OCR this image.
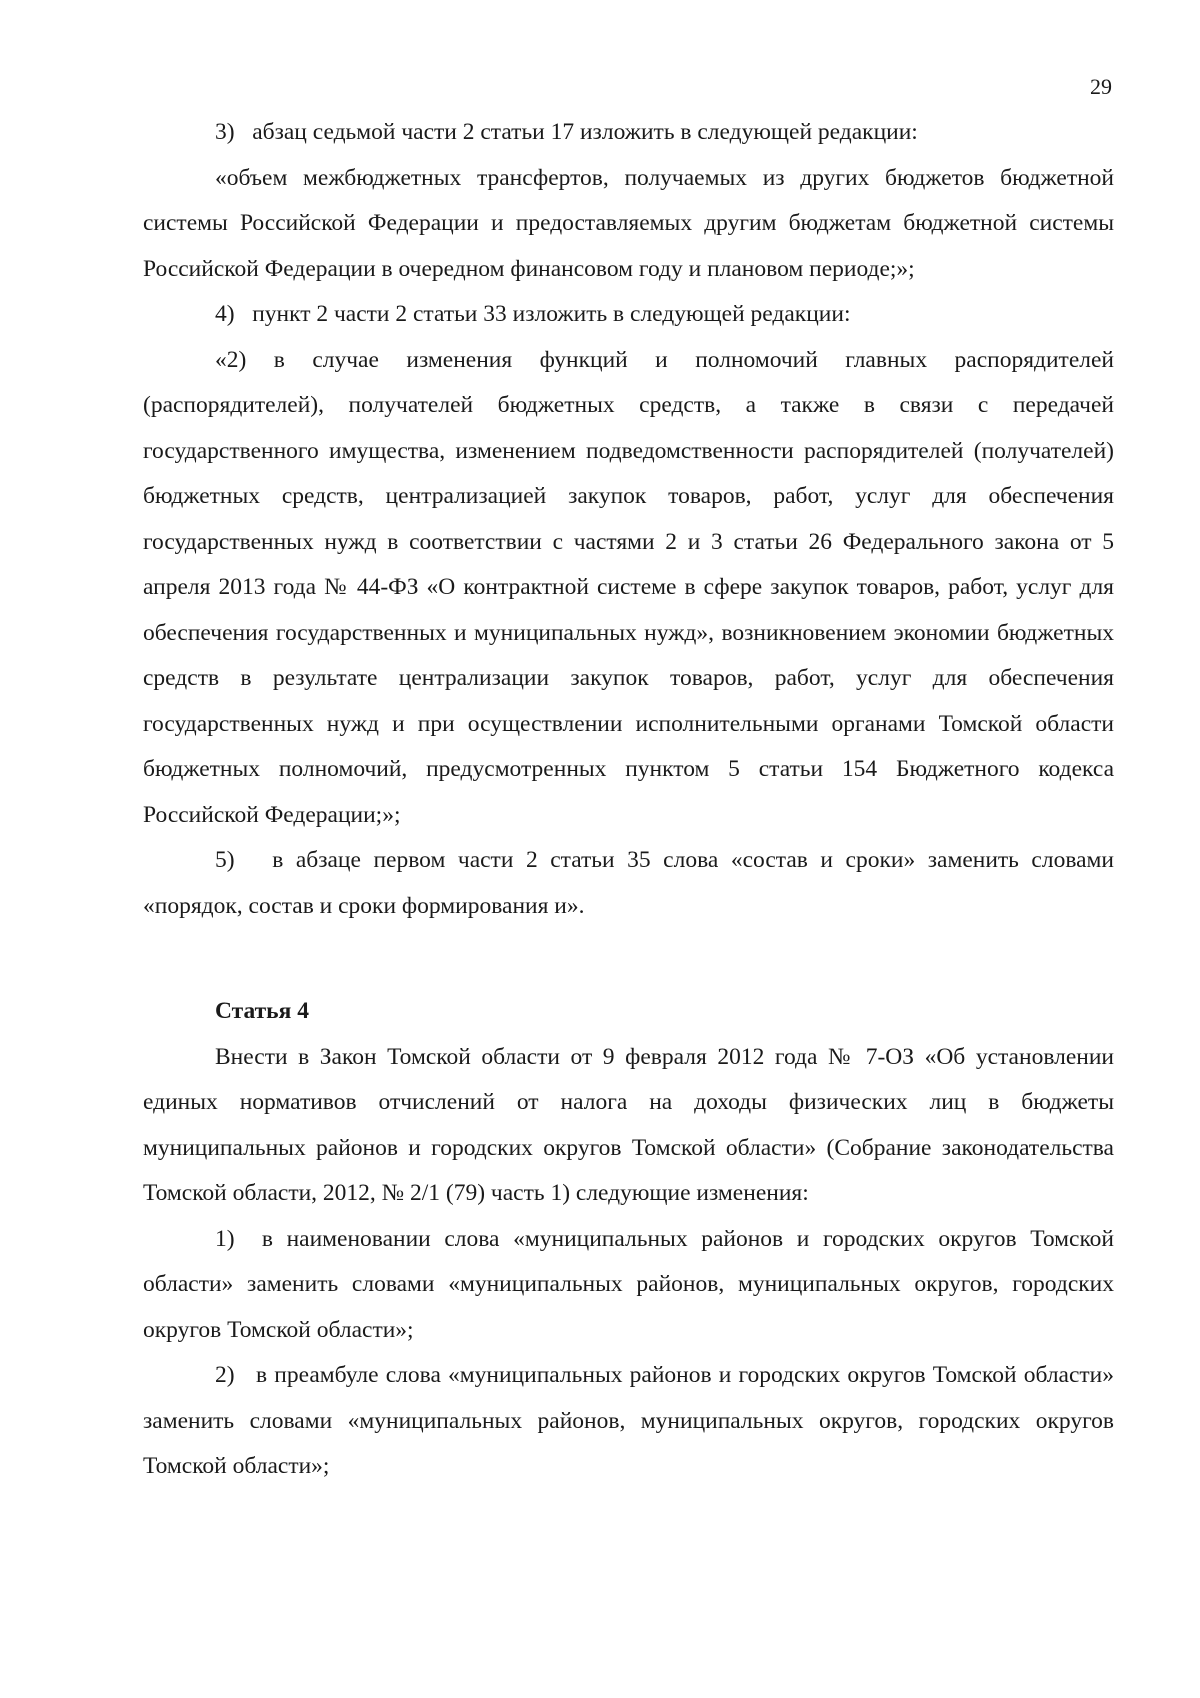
29

3)   абзац седьмой части 2 статьи 17 изложить в следующей редакции:

«объем межбюджетных трансфертов, получаемых из других бюджетов бюджетной системы Российской Федерации и предоставляемых другим бюджетам бюджетной системы Российской Федерации в очередном финансовом году и плановом периоде;»;

4)   пункт 2 части 2 статьи 33 изложить в следующей редакции:

«2) в случае изменения функций и полномочий главных распорядителей (распорядителей), получателей бюджетных средств, а также в связи с передачей государственного имущества, изменением подведомственности распорядителей (получателей) бюджетных средств, централизацией закупок товаров, работ, услуг для обеспечения государственных нужд в соответствии с частями 2 и 3 статьи 26 Федерального закона от 5 апреля 2013 года № 44-ФЗ «О контрактной системе в сфере закупок товаров, работ, услуг для обеспечения государственных и муниципальных нужд», возникновением экономии бюджетных средств в результате централизации закупок товаров, работ, услуг для обеспечения государственных нужд и при осуществлении исполнительными органами Томской области бюджетных полномочий, предусмотренных пунктом 5 статьи 154 Бюджетного кодекса Российской Федерации;»;

5)   в абзаце первом части 2 статьи 35 слова «состав и сроки» заменить словами «порядок, состав и сроки формирования и».

Статья 4

Внести в Закон Томской области от 9 февраля 2012 года № 7-ОЗ «Об установлении единых нормативов отчислений от налога на доходы физических лиц в бюджеты муниципальных районов и городских округов Томской области» (Собрание законодательства Томской области, 2012, № 2/1 (79) часть 1) следующие изменения:

1)  в наименовании слова «муниципальных районов и городских округов Томской области» заменить словами «муниципальных районов, муниципальных округов, городских округов Томской области»;

2)   в преамбуле слова «муниципальных районов и городских округов Томской области» заменить словами «муниципальных районов, муниципальных округов, городских округов Томской области»;
